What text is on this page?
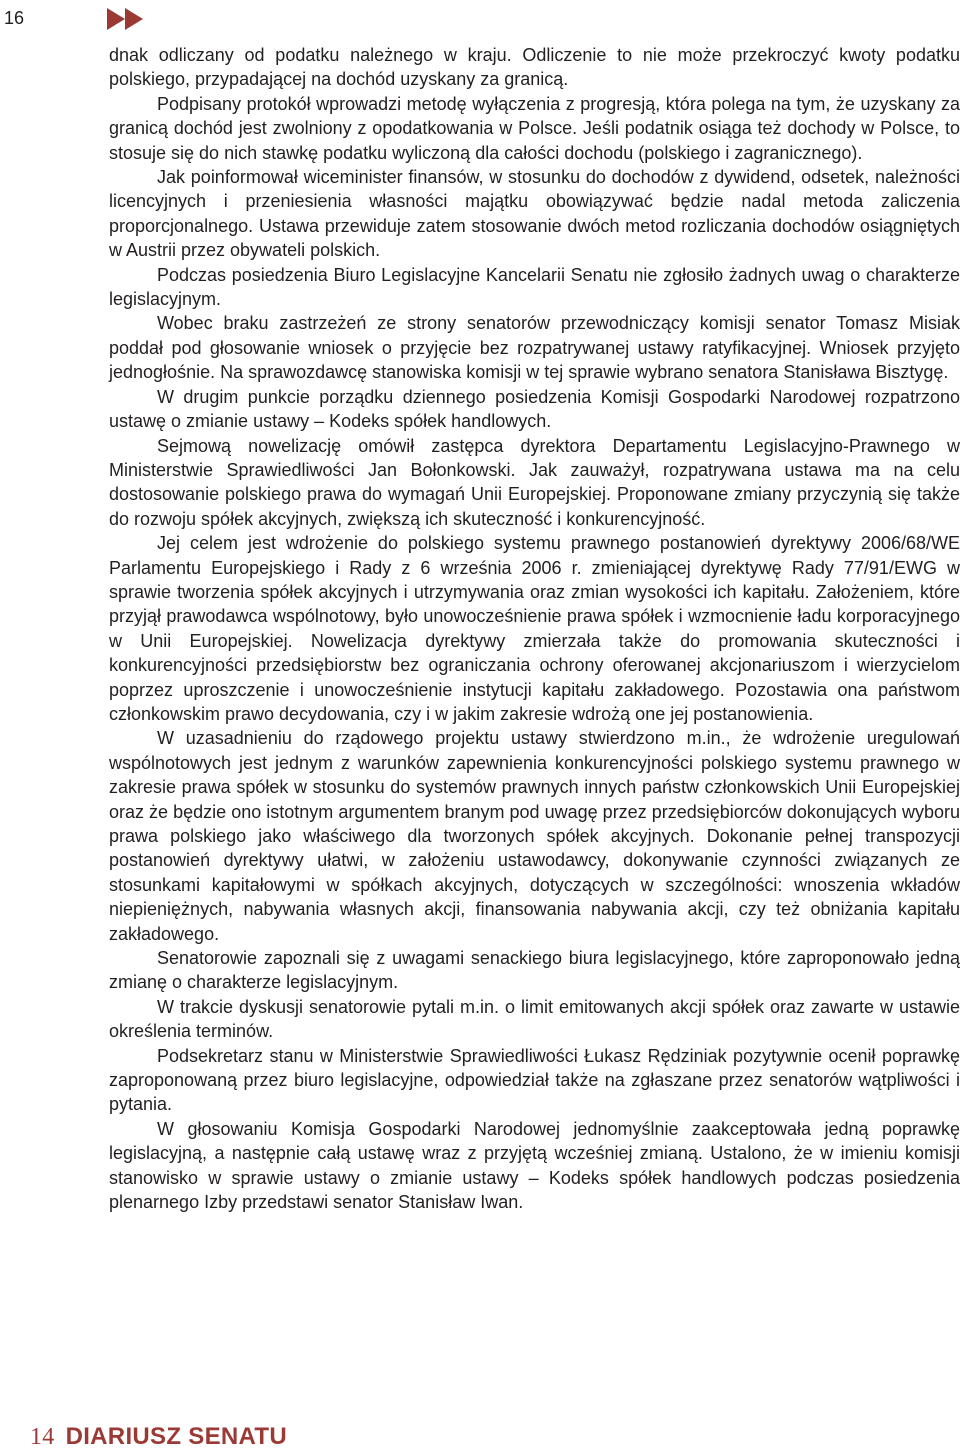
16

dnak odliczany od podatku należnego w kraju. Odliczenie to nie może przekroczyć kwoty podatku polskiego, przypadającej na dochód uzyskany za granicą.

Podpisany protokół wprowadzi metodę wyłączenia z progresją, która polega na tym, że uzyskany za granicą dochód jest zwolniony z opodatkowania w Polsce. Jeśli podatnik osiąga też dochody w Polsce, to stosuje się do nich stawkę podatku wyliczoną dla całości dochodu (polskiego i zagranicznego).

Jak poinformował wiceminister finansów, w stosunku do dochodów z dywidend, odsetek, należności licencyjnych i przeniesienia własności majątku obowiązywać będzie nadal metoda zaliczenia proporcjonalnego. Ustawa przewiduje zatem stosowanie dwóch metod rozliczania dochodów osiągniętych w Austrii przez obywateli polskich.

Podczas posiedzenia Biuro Legislacyjne Kancelarii Senatu nie zgłosiło żadnych uwag o charakterze legislacyjnym.

Wobec braku zastrzeżeń ze strony senatorów przewodniczący komisji senator Tomasz Misiak poddał pod głosowanie wniosek o przyjęcie bez rozpatrywanej ustawy ratyfikacyjnej. Wniosek przyjęto jednogłośnie. Na sprawozdawcę stanowiska komisji w tej sprawie wybrano senatora Stanisława Bisztygę.

W drugim punkcie porządku dziennego posiedzenia Komisji Gospodarki Narodowej rozpatrzono ustawę o zmianie ustawy – Kodeks spółek handlowych.

Sejmową nowelizację omówił zastępca dyrektora Departamentu Legislacyjno-Prawnego w Ministerstwie Sprawiedliwości Jan Bołonkowski. Jak zauważył, rozpatrywana ustawa ma na celu dostosowanie polskiego prawa do wymagań Unii Europejskiej. Proponowane zmiany przyczynią się także do rozwoju spółek akcyjnych, zwiększą ich skuteczność i konkurencyjność.

Jej celem jest wdrożenie do polskiego systemu prawnego postanowień dyrektywy 2006/68/WE Parlamentu Europejskiego i Rady z 6 września 2006 r. zmieniającej dyrektywę Rady 77/91/EWG w sprawie tworzenia spółek akcyjnych i utrzymywania oraz zmian wysokości ich kapitału. Założeniem, które przyjął prawodawca wspólnotowy, było unowocześnienie prawa spółek i wzmocnienie ładu korporacyjnego w Unii Europejskiej. Nowelizacja dyrektywy zmierzała także do promowania skuteczności i konkurencyjności przedsiębiorstw bez ograniczania ochrony oferowanej akcjonariuszom i wierzycielom poprzez uproszczenie i unowocześnienie instytucji kapitału zakładowego. Pozostawia ona państwom członkowskim prawo decydowania, czy i w jakim zakresie wdrożą one jej postanowienia.

W uzasadnieniu do rządowego projektu ustawy stwierdzono m.in., że wdrożenie uregulowań wspólnotowych jest jednym z warunków zapewnienia konkurencyjności polskiego systemu prawnego w zakresie prawa spółek w stosunku do systemów prawnych innych państw członkowskich Unii Europejskiej oraz że będzie ono istotnym argumentem branym pod uwagę przez przedsiębiorców dokonujących wyboru prawa polskiego jako właściwego dla tworzonych spółek akcyjnych. Dokonanie pełnej transpozycji postanowień dyrektywy ułatwi, w założeniu ustawodawcy, dokonywanie czynności związanych ze stosunkami kapitałowymi w spółkach akcyjnych, dotyczących w szczególności: wnoszenia wkładów niepieniężnych, nabywania własnych akcji, finansowania nabywania akcji, czy też obniżania kapitału zakładowego.

Senatorowie zapoznali się z uwagami senackiego biura legislacyjnego, które zaproponowało jedną zmianę o charakterze legislacyjnym.

W trakcie dyskusji senatorowie pytali m.in. o limit emitowanych akcji spółek oraz zawarte w ustawie określenia terminów.

Podsekretarz stanu w Ministerstwie Sprawiedliwości Łukasz Rędziniak pozytywnie ocenił poprawkę zaproponowaną przez biuro legislacyjne, odpowiedział także na zgłaszane przez senatorów wątpliwości i pytania.

W głosowaniu Komisja Gospodarki Narodowej jednomyślnie zaakceptowała jedną poprawkę legislacyjną, a następnie całą ustawę wraz z przyjętą wcześniej zmianą. Ustalono, że w imieniu komisji stanowisko w sprawie ustawy o zmianie ustawy – Kodeks spółek handlowych podczas posiedzenia plenarnego Izby przedstawi senator Stanisław Iwan.

14 DIARIUSZ SENATU
